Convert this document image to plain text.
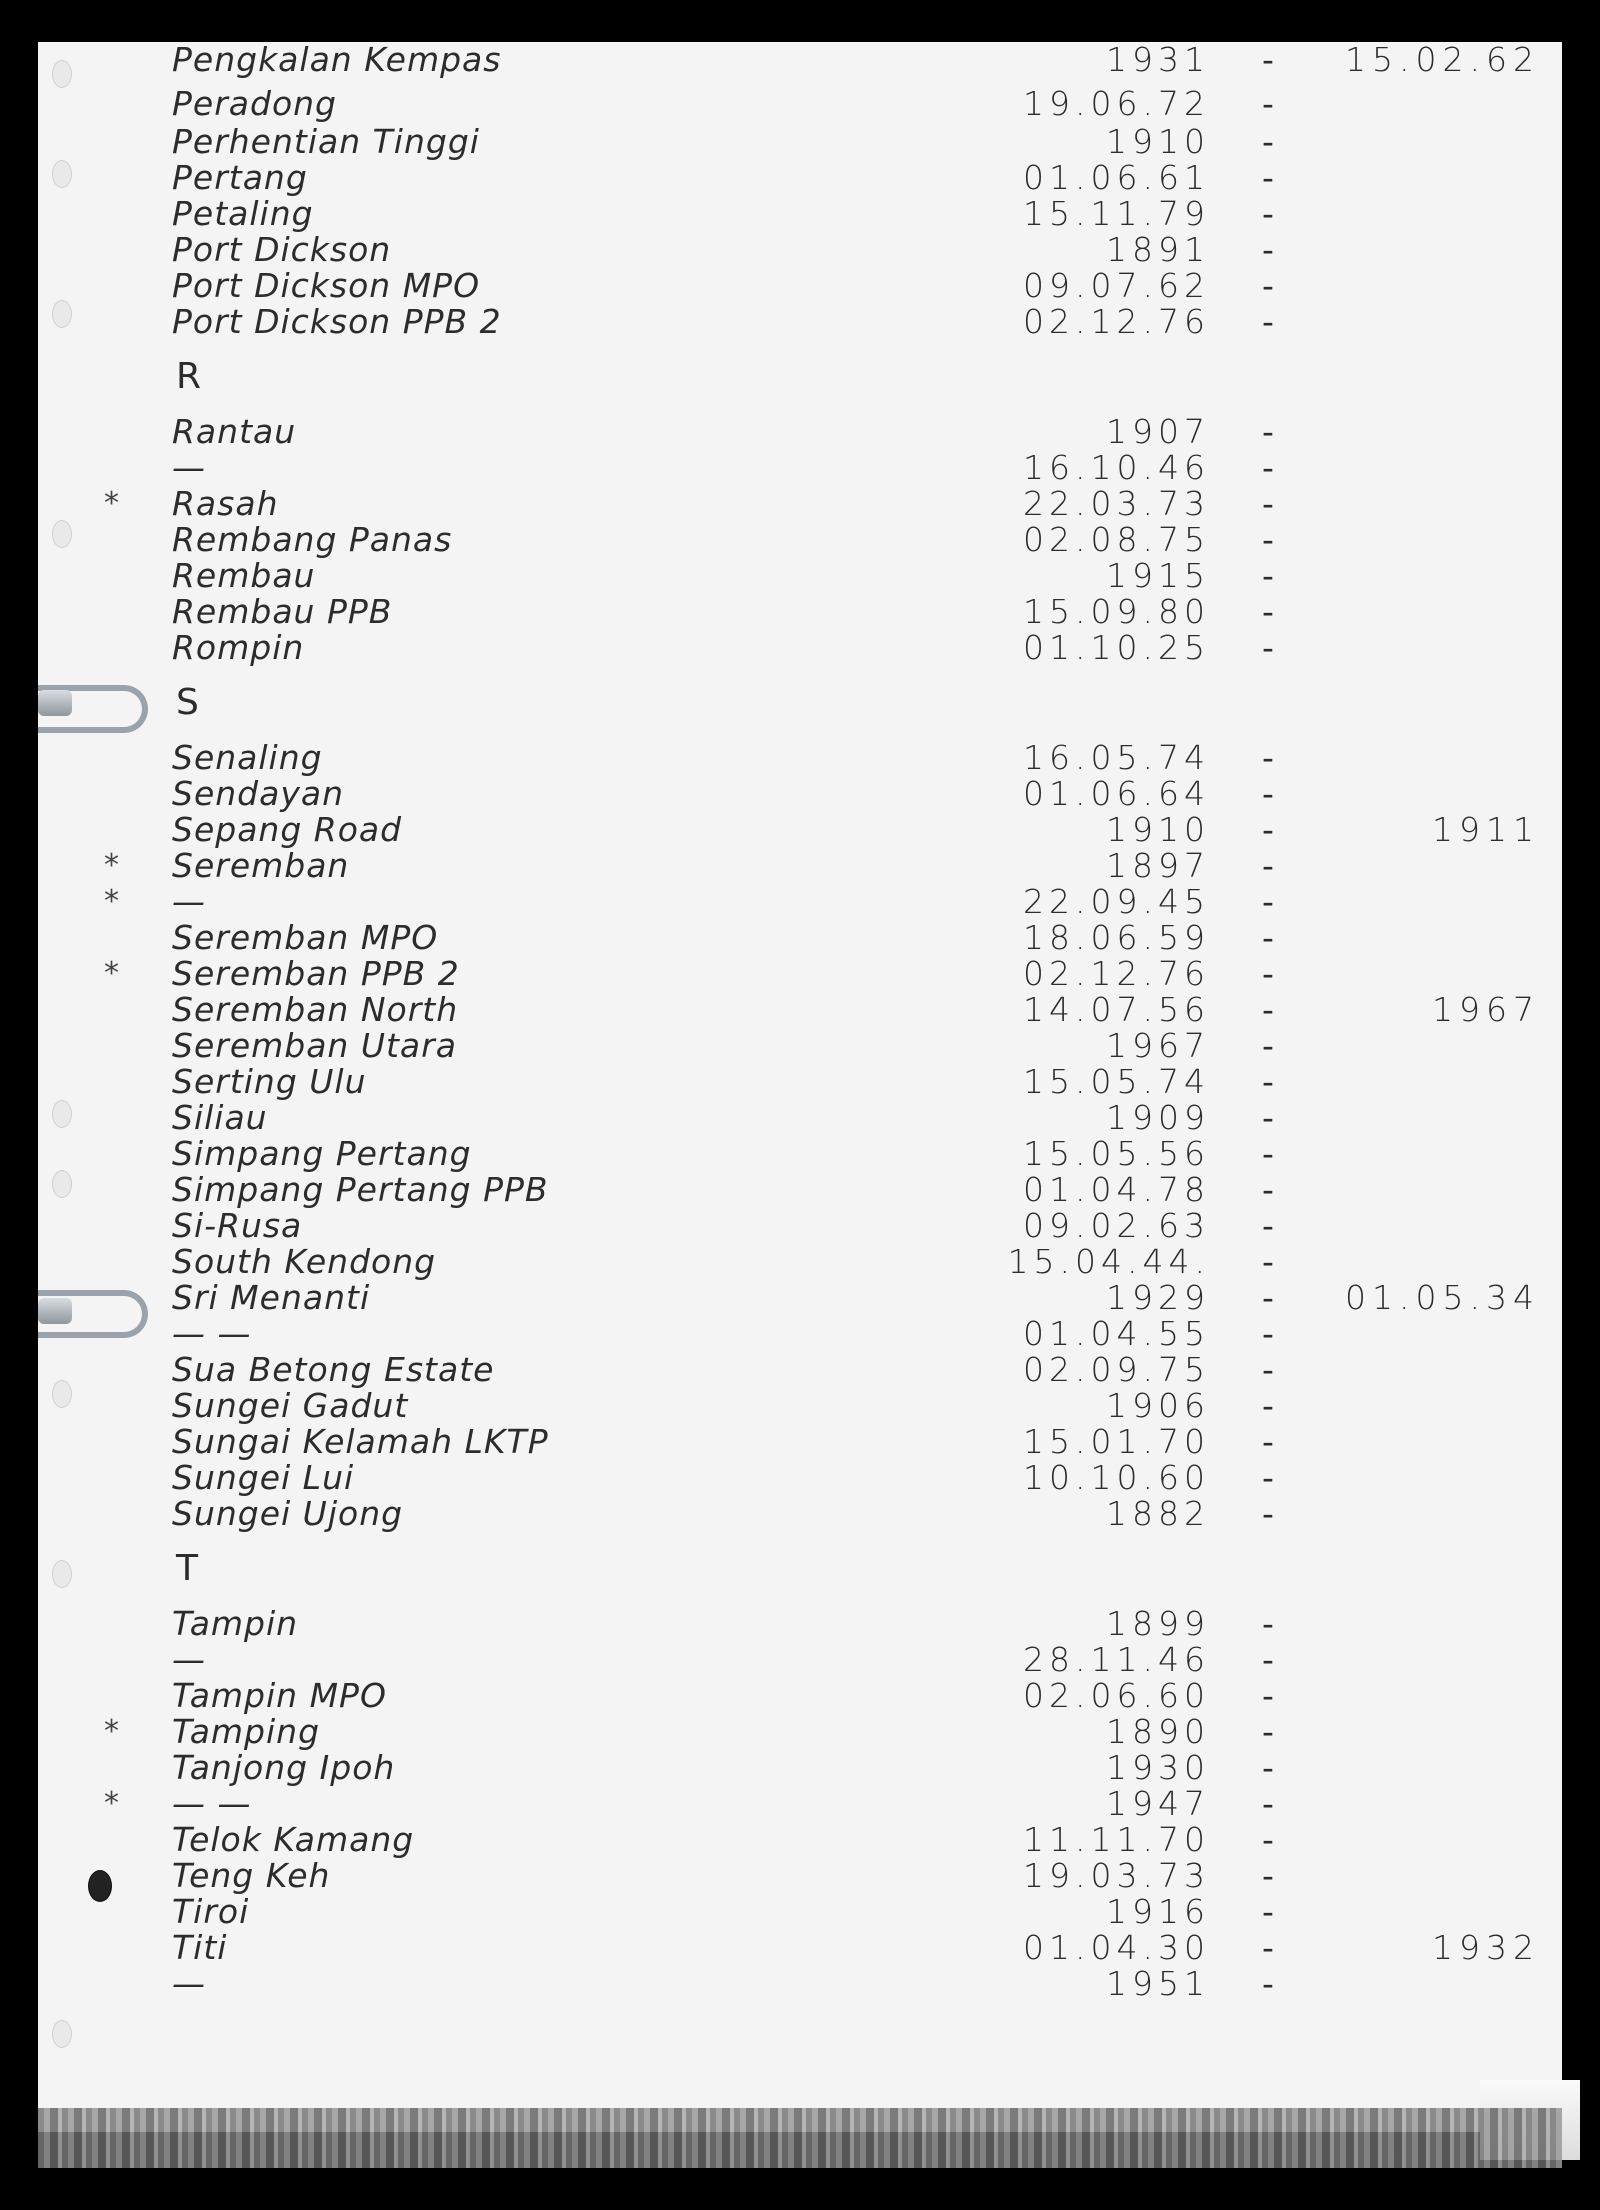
R
S
T
Pengkalan Kempas	1931 - 15.02.62
Peradong	19.06.72 -
Perhentian Tinggi	1910 -
Pertang	01.06.61 -
Petaling	15.11.79 -
Port Dickson	1891 -
Port Dickson MPO	09.07.62 -
Port Dickson PPB 2	02.12.76 -
Rantau	1907 -
—	16.10.46 -
* Rasah	22.03.73 -
Rembang Panas	02.08.75 -
Rembau	1915 -
Rembau PPB	15.09.80 -
Rompin	01.10.25 -
Senaling	16.05.74 -
Sendayan	01.06.64 -
Sepang Road	1910 -	1911
* Seremban	1897 -
* —	22.09.45 -
Seremban MPO	18.06.59 -
* Seremban PPB 2	02.12.76 -
Seremban North	14.07.56 -	1967
Seremban Utara	1967 -
Serting Ulu	15.05.74 -
Siliau	1909 -
Simpang Pertang	15.05.56 -
Simpang Pertang PPB	01.04.78 -
Si-Rusa	09.02.63 -
South Kendong	15.04.44. -
Sri Menanti	1929 - 01.05.34
— —	01.04.55 -
Sua Betong Estate	02.09.75 -
Sungei Gadut	1906 -
Sungai Kelamah LKTP	15.01.70 -
Sungei Lui	10.10.60 -
Sungei Ujong	1882 -
Tampin	1899 -
—	28.11.46 -
Tampin MPO	02.06.60 -
* Tamping	1890 -
Tanjong Ipoh	1930 -
* — —	1947 -
Telok Kamang	11.11.70 -
Teng Keh	19.03.73 -
Tiroi	1916 -
Titi	01.04.30 -	1932
—	1951 -
